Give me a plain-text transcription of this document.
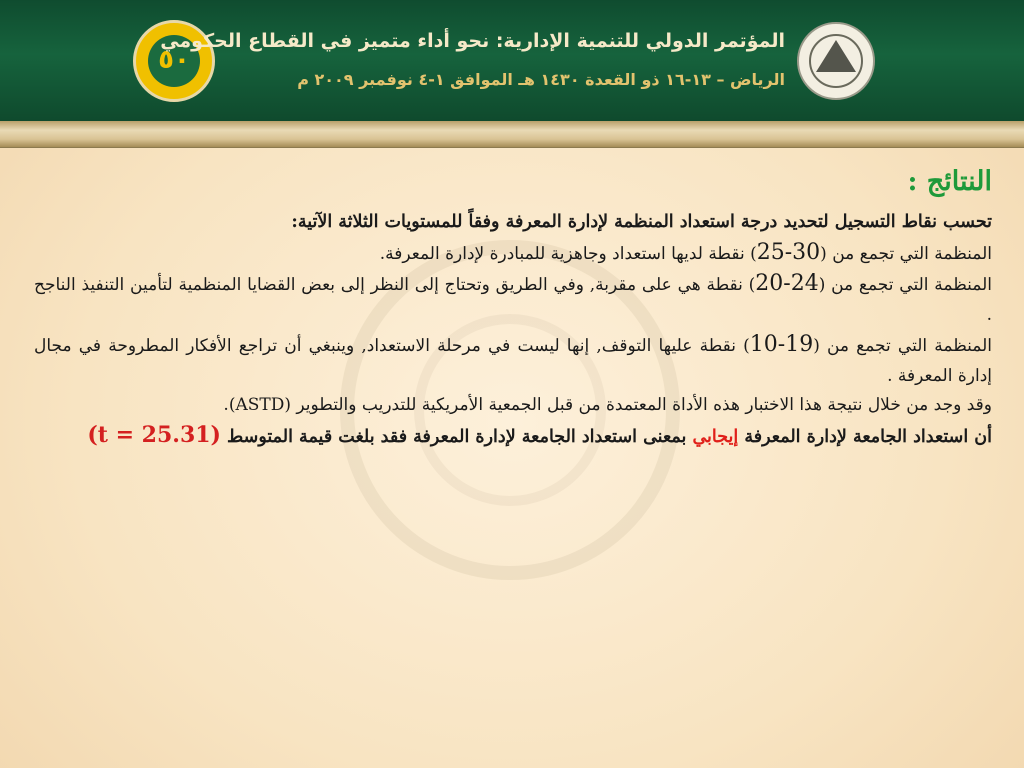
٥٠
المؤتمر الدولي للتنمية الإدارية: نحو أداء متميز في القطاع الحكومي
الرياض – ١٣-١٦ ذو القعدة ١٤٣٠ هـ الموافق ١-٤ نوفمبر ٢٠٠٩ م
النتائج :

تحسب نقاط التسجيل لتحديد درجة استعداد المنظمة لإدارة المعرفة وفقاً للمستويات الثلاثة الآتية:

المنظمة التي تجمع من (25-30) نقطة لديها استعداد وجاهزية للمبادرة لإدارة المعرفة.

المنظمة التي تجمع من (20-24) نقطة هي على مقربة, وفي الطريق وتحتاج إلى النظر إلى بعض القضايا المنظمية لتأمين التنفيذ الناجح .

المنظمة التي تجمع من (10-19) نقطة عليها التوقف, إنها ليست في مرحلة الاستعداد, وينبغي أن تراجع الأفكار المطروحة في مجال إدارة المعرفة .

وقد وجد من خلال نتيجة هذا الاختبار هذه الأداة المعتمدة من قبل الجمعية الأمريكية للتدريب والتطوير (ASTD).

أن استعداد الجامعة لإدارة المعرفة إيجابي بمعنى استعداد الجامعة لإدارة المعرفة فقد بلغت قيمة المتوسط (t = 25.31)
